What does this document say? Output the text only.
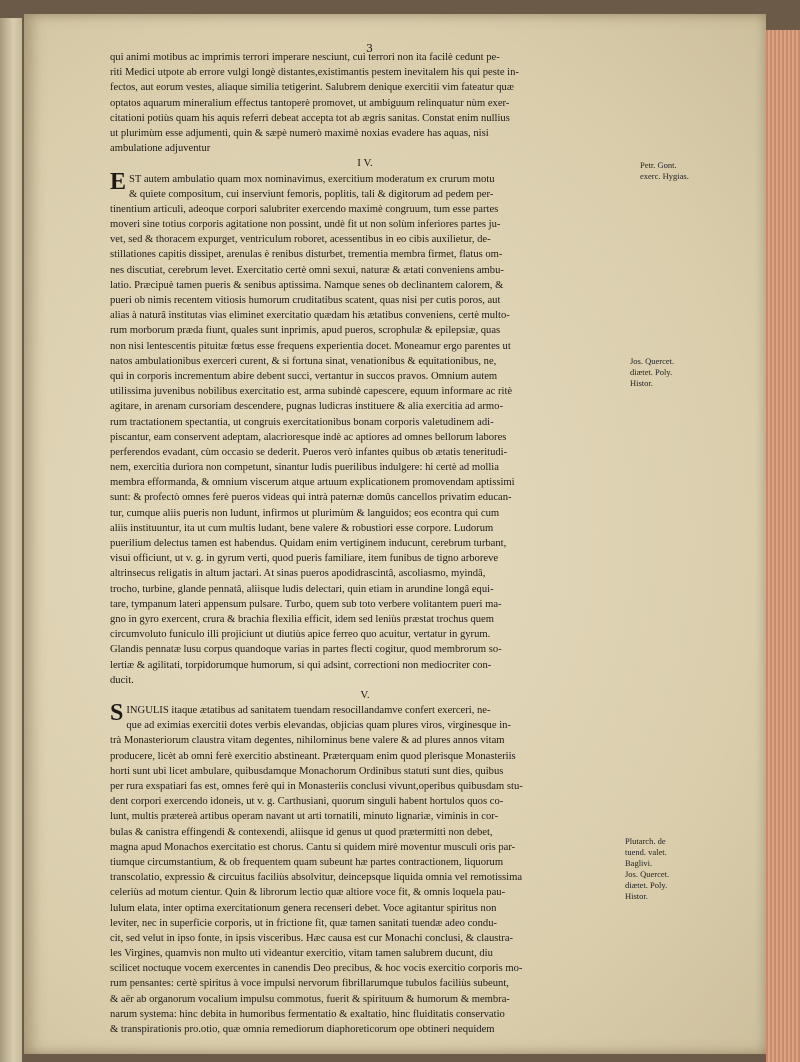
3
qui animi motibus ac imprimis terrori imperare nesciunt, cui terrori non ita facilè cedunt pe-
riti Medici utpote ab errore vulgi longè distantes,existimantis pestem inevitalem his qui peste in-
fectos, aut eorum vestes, aliaque similia tetigerint. Salubrem denique exercitii vim fateatur quæ
optatos aquarum mineralium effectus tantoperè promovet, ut ambiguum relinquatur nùm exer-
citationi potiùs quam his aquis referri debeat accepta tot ab ægris sanitas. Constat enim nullius
ut plurimùm esse adjumenti, quin & sæpè numerò maximè noxias evadere has aquas, nisi
ambulatione adjuventur
I V.
E ST autem ambulatio quam mox nominavimus, exercitium moderatum ex crurum motu
& quiete compositum, cui inserviunt femoris, poplitis, tali & digitorum ad pedem per-
tinentium articuli, adeoque corpori salubriter exercendo maximè congruum, tum esse partes
moveri sine totius corporis agitatione non possint, undè fit ut non solùm inferiores partes ju-
vet, sed & thoracem expurget, ventriculum roboret, acessentibus in eo cibis auxilietur, de-
stillationes capitis dissipet, arenulas è renibus disturbet, trementia membra firmet, flatus om-
nes discutiat, cerebrum levet. Exercitatio certè omni sexui, naturæ & ætati conveniens ambu-
latio. Præcipuè tamen pueris & senibus aptissima. Namque senes ob declinantem calorem, &
pueri ob nimis recentem vitiosis humorum cruditatibus scatent, quas nisi per cutis poros, aut
alias à naturâ institutas vias eliminet exercitatio quædam his ætatibus conveniens, certè multo-
rum morborum præda fiunt, quales sunt inprimis, apud pueros, scrophulæ & epilepsiæ, quas
non nisi lentescentis pituitæ fœtus esse frequens experientia docet. Moneamur ergo parentes ut
natos ambulationibus exerceri curent, & si fortuna sinat, venationibus & equitationibus, ne,
qui in corporis incrementum abire debent succi, vertantur in succos pravos. Omnium autem
utilissima juvenibus nobilibus exercitatio est, arma subindè capescere, equum informare ac ritè
agitare, in arenam cursoriam descendere, pugnas ludicras instituere & alia exercitia ad armo-
rum tractationem spectantia, ut congruis exercitationibus bonam corporis valetudinem adi-
piscantur, eam conservent adeptam, alacrioresque indè ac aptiores ad omnes bellorum labores
perferendos evadant, cùm occasio se dederit. Pueros verò infantes quibus ob ætatis teneritudi-
nem, exercitia duriora non competunt, sinantur ludis puerilibus indulgere: hi certè ad mollia
membra efformanda, & omnium viscerum atque artuum explicationem promovendam aptissimi
sunt: & profectò omnes ferè pueros videas qui intrà paternæ domûs cancellos privatim educan-
tur, cumque aliis pueris non ludunt, infirmos ut plurimùm & languidos; eos econtra qui cum
aliis instituuntur, ita ut cum multis ludant, bene valere & robustiori esse corpore. Ludorum
puerilium delectus tamen est habendus. Quidam enim vertiginem inducunt, cerebrum turbant,
visui officiunt, ut v. g. in gyrum verti, quod pueris familiare, item funibus de tigno arboreve
altrinsecus religatis in altum jactari. At sinas pueros apodidrascintâ, ascoliasmo, myindâ,
trocho, turbine, glande pennatâ, aliisque ludis delectari, quin etiam in arundine longâ equi-
tare, tympanum lateri appensum pulsare. Turbo, quem sub toto verbere volitantem pueri ma-
gno in gyro exercent, crura & brachia flexilia efficit, idem sed leniùs præstat trochus quem
circumvoluto funiculo illi projiciunt ut diutiùs apice ferreo quo acuitur, vertatur in gyrum.
Glandis pennatæ lusu corpus quandoque varias in partes flecti cogitur, quod membrorum so-
lertiæ & agilitati, torpidorumque humorum, si qui adsint, correctioni non mediocriter con-
ducit.
V.
S INGULIS itaque ætatibus ad sanitatem tuendam resocillandamve confert exerceri, ne-
que ad eximias exercitii dotes verbis elevandas, objicias quam plures viros, virginesque in-
trà Monasteriorum claustra vitam degentes, nihilominus bene valere & ad plures annos vitam
producere, licèt ab omni ferè exercitio abstineant. Præterquam enim quod plerisque Monasteriis
horti sunt ubi licet ambulare, quibusdamque Monachorum Ordinibus statuti sunt dies, quibus
per rura exspatiari fas est, omnes ferè qui in Monasteriis conclusi vivunt,operibus quibusdam stu-
dent corpori exercendo idoneis, ut v. g. Carthusiani, quorum singuli habent hortulos quos co-
lunt, multis prætereà artibus operam navant ut arti tornatili, minuto lignariæ, viminis in cor-
bulas & canistra effingendi & contexendi, aliisque id genus ut quod prætermitti non debet,
magna apud Monachos exercitatio est chorus. Cantu si quidem mirè moventur musculi oris par-
tiumque circumstantium, & ob frequentem quam subeunt hæ partes contractionem, liquorum
transcolatio, expressio & circuitus faciliùs absolvitur, deincepsque liquida omnia vel remotissima
celeriùs ad motum cientur. Quin & librorum lectio quæ altiore voce fit, & omnis loquela pau-
lulum elata, inter optima exercitationum genera recenseri debet. Voce agitantur spiritus non
leviter, nec in superficie corporis, ut in frictione fit, quæ tamen sanitati tuendæ adeo condu-
cit, sed velut in ipso fonte, in ipsis visceribus. Hæc causa est cur Monachi conclusi, & claustra-
les Virgines, quamvis non multo uti videantur exercitio, vitam tamen salubrem ducunt, diu
scilicet noctuque vocem exercentes in canendis Deo precibus, & hoc vocis exercitio corporis mo-
rum pensantes: certè spiritus à voce impulsi nervorum fibrillarumque tubulos faciliùs subeunt,
& aër ab organorum vocalium impulsu commotus, fuerit & spirituum & humorum & membra-
narum systema: hinc debita in humoribus fermentatio & exaltatio, hinc fluiditatis conservatio
& transpirationis pro.otio, quæ omnia remediorum diaphoreticorum ope obtineri nequidem
Petr. Gont.
exerc. Hygias.
Jos. Quercet.
diætet. Poly.
Histor.
Plutarch. de
tuend. valet.
Baglivi.
Jos. Quercet.
diætet. Poly.
Histor.
